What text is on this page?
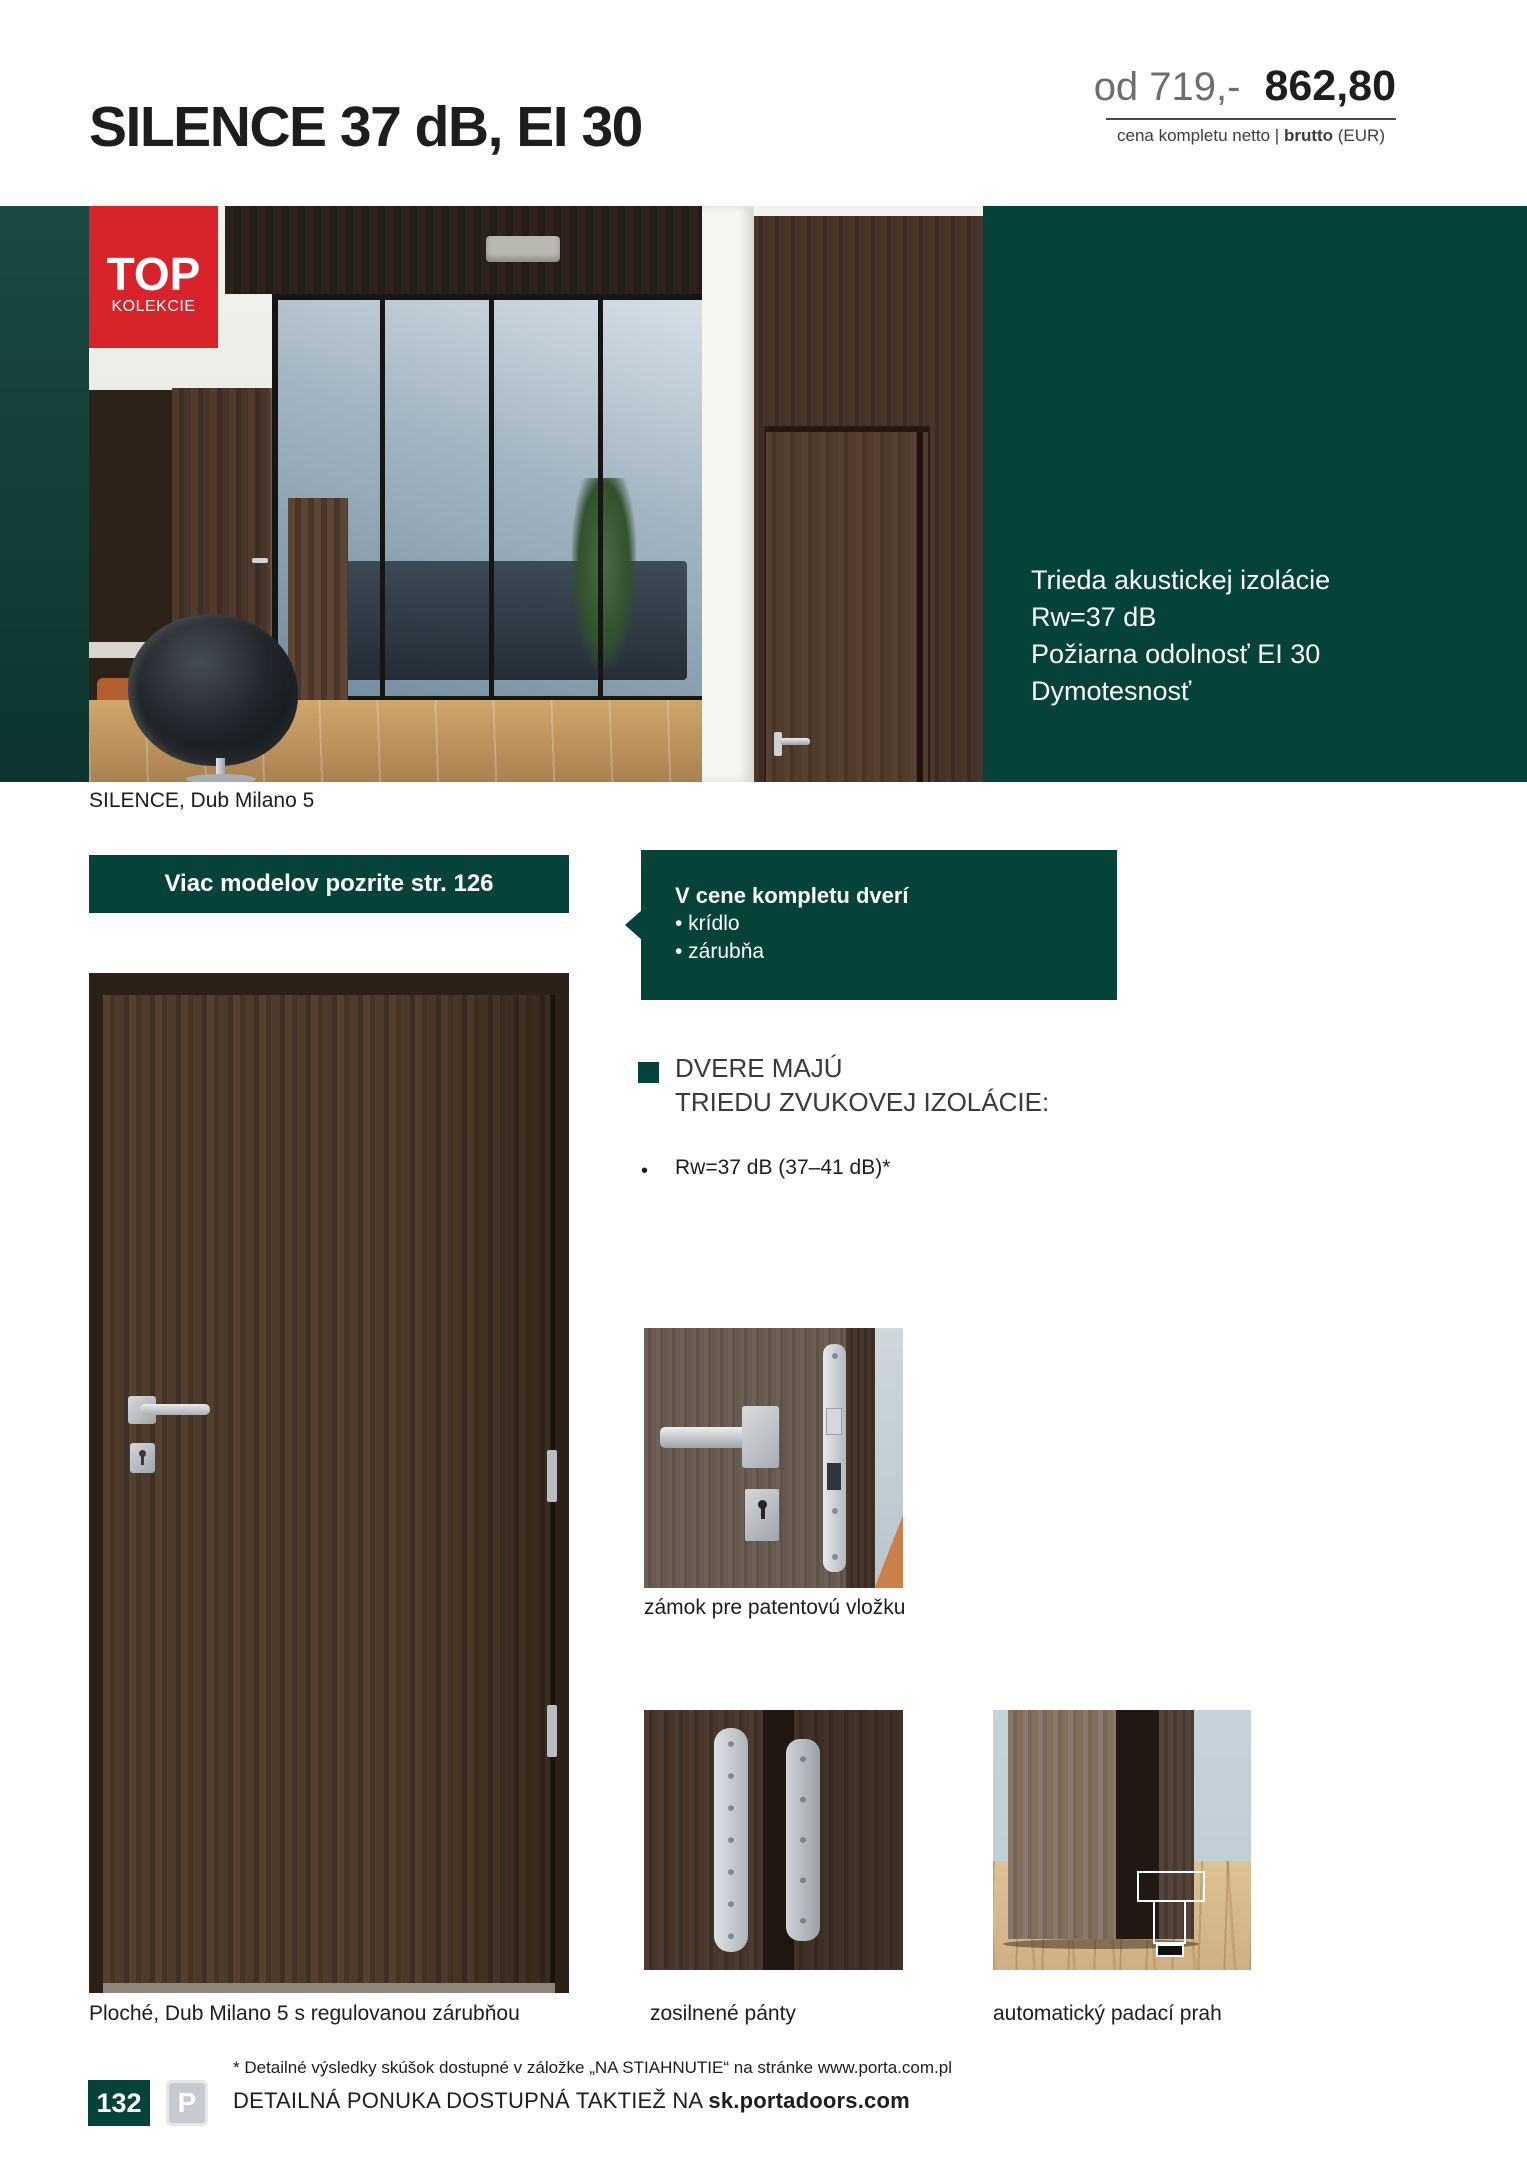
SILENCE 37 dB, EI 30
od 719,- 862,80
cena kompletu netto | brutto (EUR)
TOP
KOLEKCIE
Trieda akustickej izolácie
Rw=37 dB
Požiarna odolnosť EI 30
Dymotesnosť
SILENCE, Dub Milano 5
Viac modelov pozrite str. 126	V cene kompletu dverí
• krídlo
• zárubňa
DVERE MAJÚ
TRIEDU ZVUKOVEJ IZOLÁCIE:
• Rw=37 dB (37–41 dB)*
Ploché, Dub Milano 5 s regulovanou zárubňou
zámok pre patentovú vložku
zosilnené pánty	automatický padací prah
* Detailné výsledky skúšok dostupné v záložke „NA STIAHNUTIE“ na stránke www.porta.com.pl
DETAILNÁ PONUKA DOSTUPNÁ TAKTIEŽ NA sk.portadoors.com
132	P
